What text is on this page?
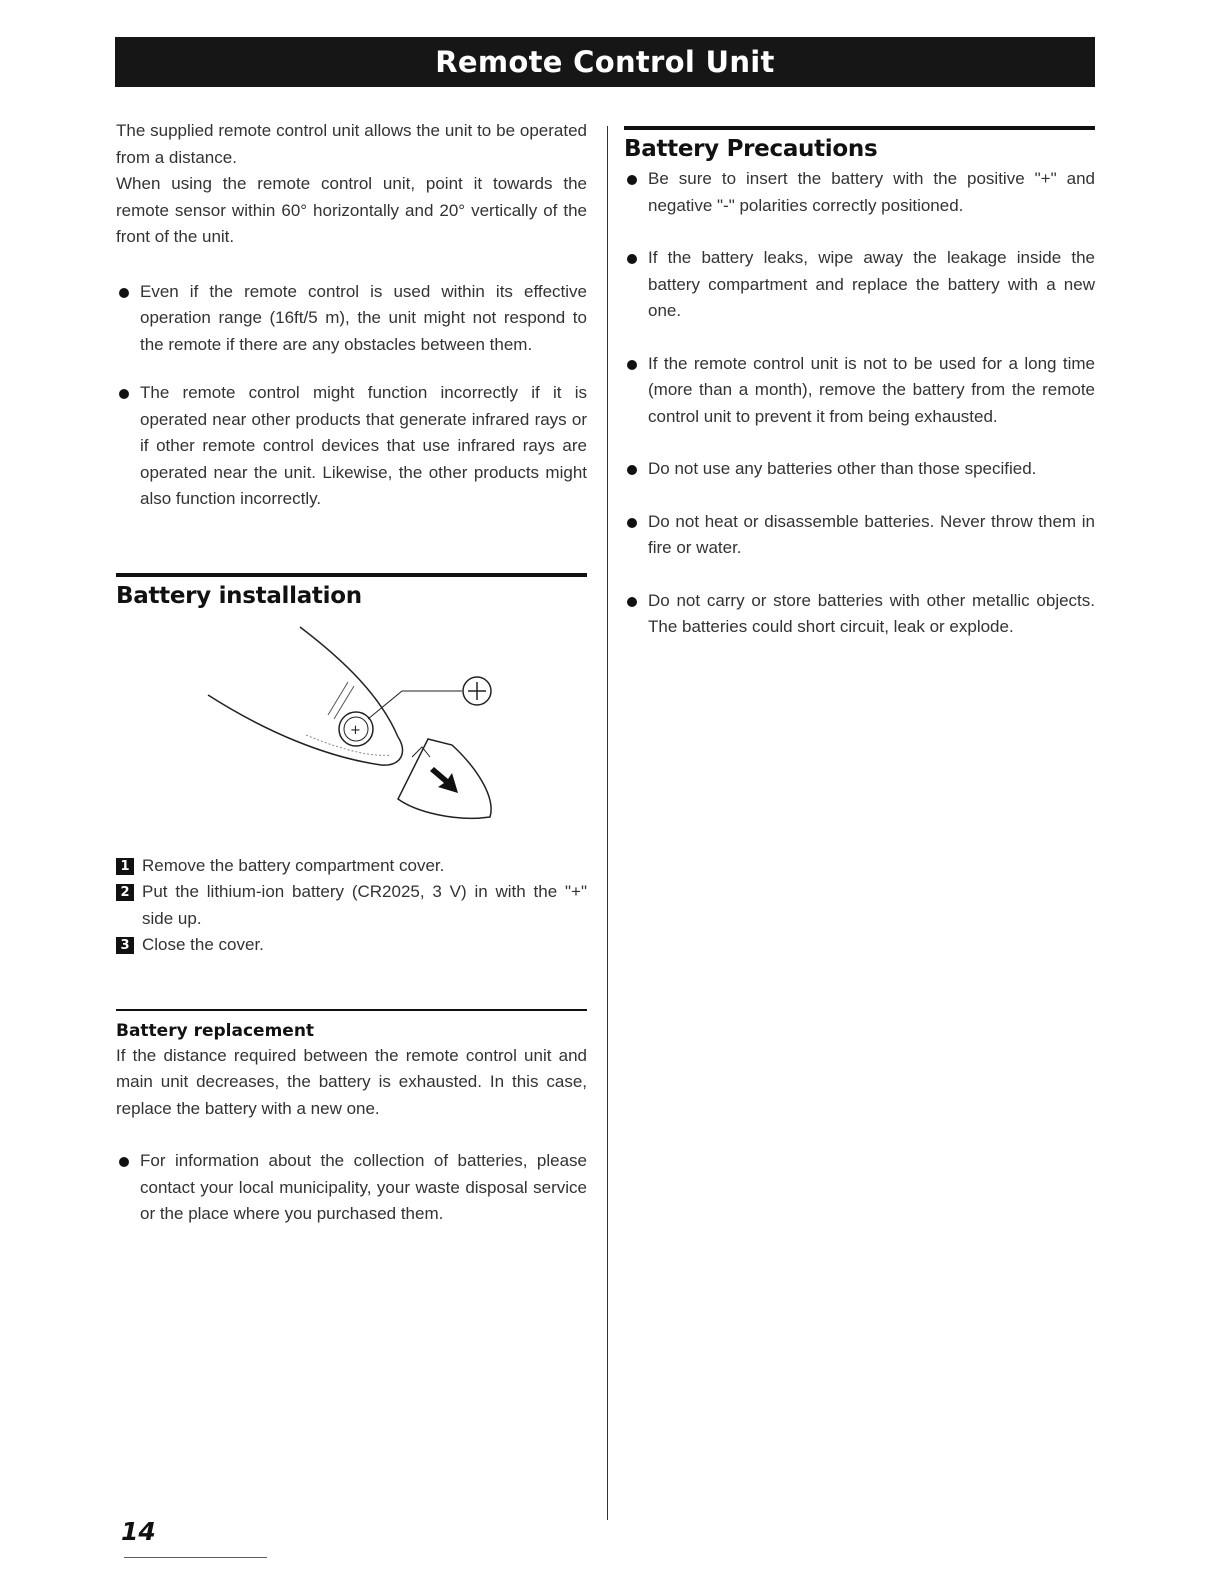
Remote Control Unit

The supplied remote control unit allows the unit to be operated from a distance.

When using the remote control unit, point it towards the remote sensor within 60° horizontally and 20° vertically of the front of the unit.

Even if the remote control is used within its effective operation range (16ft/5 m), the unit might not respond to the remote if there are any obstacles between them.
The remote control might function incorrectly if it is operated near other products that generate infrared rays or if other remote control devices that use infrared rays are operated near the unit. Likewise, the other products might also function incorrectly.
Battery installation
+
1 Remove the battery compartment cover.
2 Put the lithium-ion battery (CR2025, 3 V) in with the "+" side up.
3 Close the cover.
Battery replacement

If the distance required between the remote control unit and main unit decreases, the battery is exhausted. In this case, replace the battery with a new one.

For information about the collection of batteries, please contact your local municipality, your waste disposal service or the place where you purchased them.
Battery Precautions
Be sure to insert the battery with the positive "+" and negative "-" polarities correctly positioned.
If the battery leaks, wipe away the leakage inside the battery compartment and replace the battery with a new one.
If the remote control unit is not to be used for a long time (more than a month), remove the battery from the remote control unit to prevent it from being exhausted.
Do not use any batteries other than those specified.
Do not heat or disassemble batteries. Never throw them in fire or water.
Do not carry or store batteries with other metallic objects. The batteries could short circuit, leak or explode.
14
